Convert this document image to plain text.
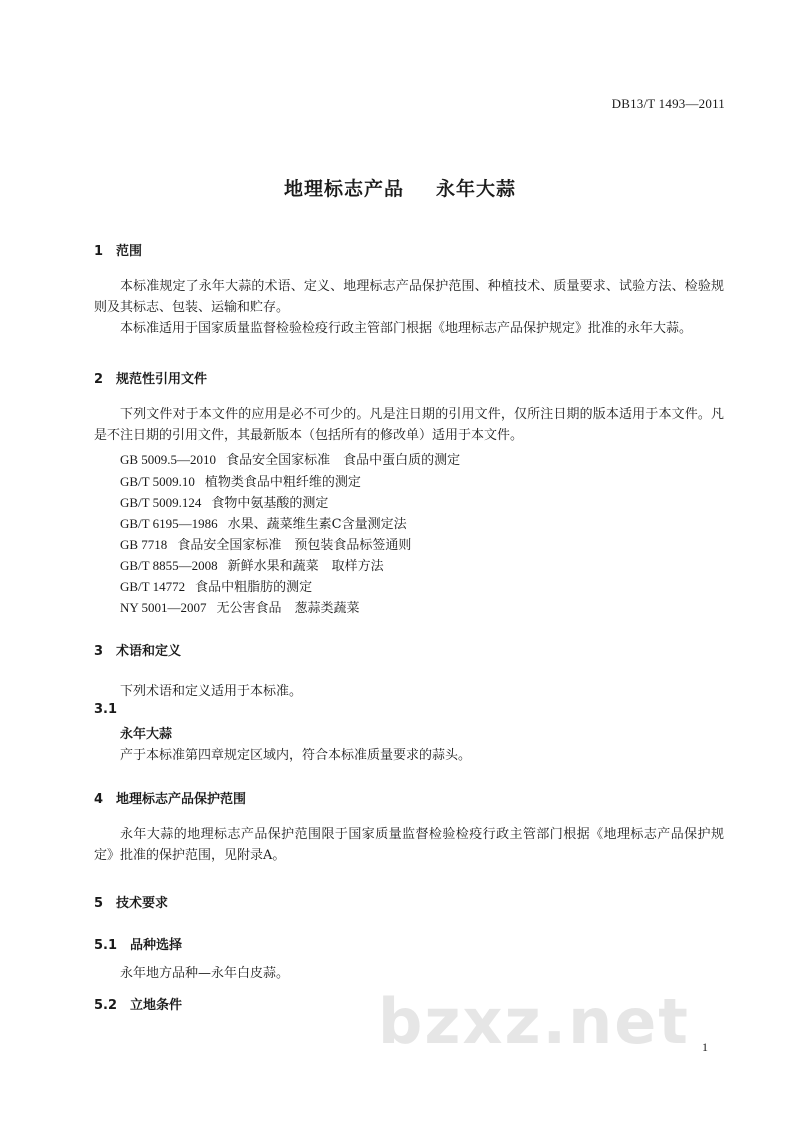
DB13/T 1493—2011
地理标志产品 永年大蒜
1 范围

本标准规定了永年大蒜的术语、定义、地理标志产品保护范围、种植技术、质量要求、试验方法、检验规则及其标志、包装、运输和贮存。

本标准适用于国家质量监督检验检疫行政主管部门根据《地理标志产品保护规定》批准的永年大蒜。

2 规范性引用文件

下列文件对于本文件的应用是必不可少的。凡是注日期的引用文件，仅所注日期的版本适用于本文件。凡是不注日期的引用文件，其最新版本（包括所有的修改单）适用于本文件。

GB 5009.5—2010 食品安全国家标准　食品中蛋白质的测定
GB/T 5009.10 植物类食品中粗纤维的测定
GB/T 5009.124 食物中氨基酸的测定
GB/T 6195—1986 水果、蔬菜维生素C含量测定法
GB 7718 食品安全国家标准　预包装食品标签通则
GB/T 8855—2008 新鲜水果和蔬菜　取样方法
GB/T 14772 食品中粗脂肪的测定
NY 5001—2007 无公害食品　葱蒜类蔬菜
3 术语和定义
下列术语和定义适用于本标准。
3.1
永年大蒜
产于本标准第四章规定区域内，符合本标准质量要求的蒜头。
4 地理标志产品保护范围

永年大蒜的地理标志产品保护范围限于国家质量监督检验检疫行政主管部门根据《地理标志产品保护规定》批准的保护范围，见附录A。

5 技术要求
5.1 品种选择
永年地方品种—永年白皮蒜。
5.2 立地条件	bzxz.net 1
